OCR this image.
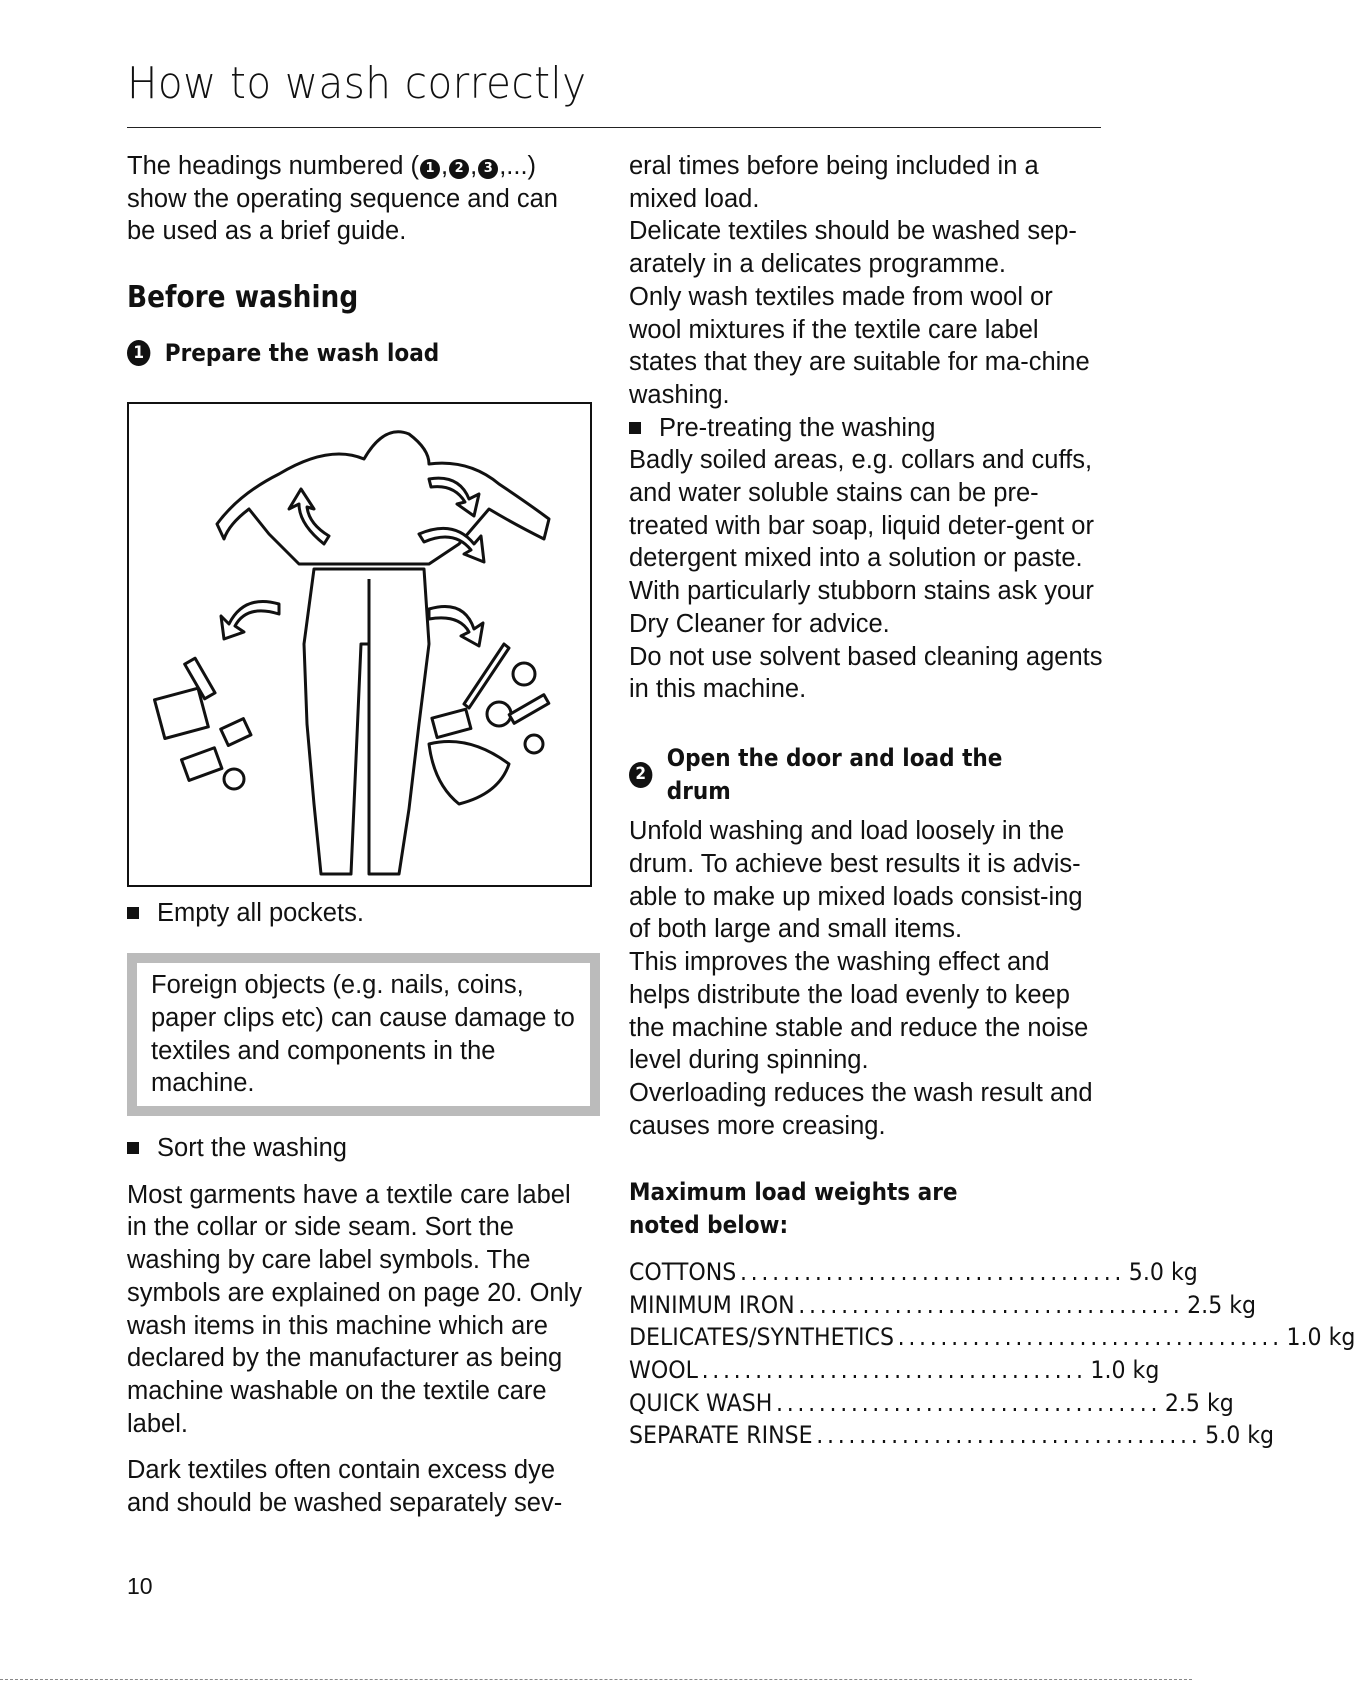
How to wash correctly

The headings numbered ( 1 , 2 , 3 ,...) show the operating sequence and can be used as a brief guide.

Before washing
1 Prepare the wash load
Empty all pockets.

Foreign objects (e.g. nails, coins, paper clips etc) can cause damage to textiles and components in the machine.

Sort the washing

Most garments have a textile care label in the collar or side seam. Sort the washing by care label symbols. The symbols are explained on page 20. Only wash items in this machine which are declared by the manufacturer as being machine washable on the textile care label.

Dark textiles often contain excess dye and should be washed separately sev-

eral times before being included in a mixed load.

Delicate textiles should be washed sep-arately in a delicates programme.

Only wash textiles made from wool or wool mixtures if the textile care label states that they are suitable for ma-chine washing.

Pre-treating the washing

Badly soiled areas, e.g. collars and cuffs, and water soluble stains can be pre-treated with bar soap, liquid deter-gent or detergent mixed into a solution or paste.

With particularly stubborn stains ask your Dry Cleaner for advice.

Do not use solvent based cleaning agents in this machine.

2
Open the door and load the drum

Unfold washing and load loosely in the drum. To achieve best results it is advis-able to make up mixed loads consist-ing of both large and small items.

This improves the washing effect and helps distribute the load evenly to keep the machine stable and reduce the noise level during spinning.

Overloading reduces the wash result and causes more creasing.

Maximum load weights are noted below:
COTTONS .................................... 5.0 kg
MINIMUM IRON .................................... 2.5 kg
DELICATES/SYNTHETICS .................................... 1.0 kg
WOOL .................................... 1.0 kg
QUICK WASH .................................... 2.5 kg
SEPARATE RINSE .................................... 5.0 kg
10
